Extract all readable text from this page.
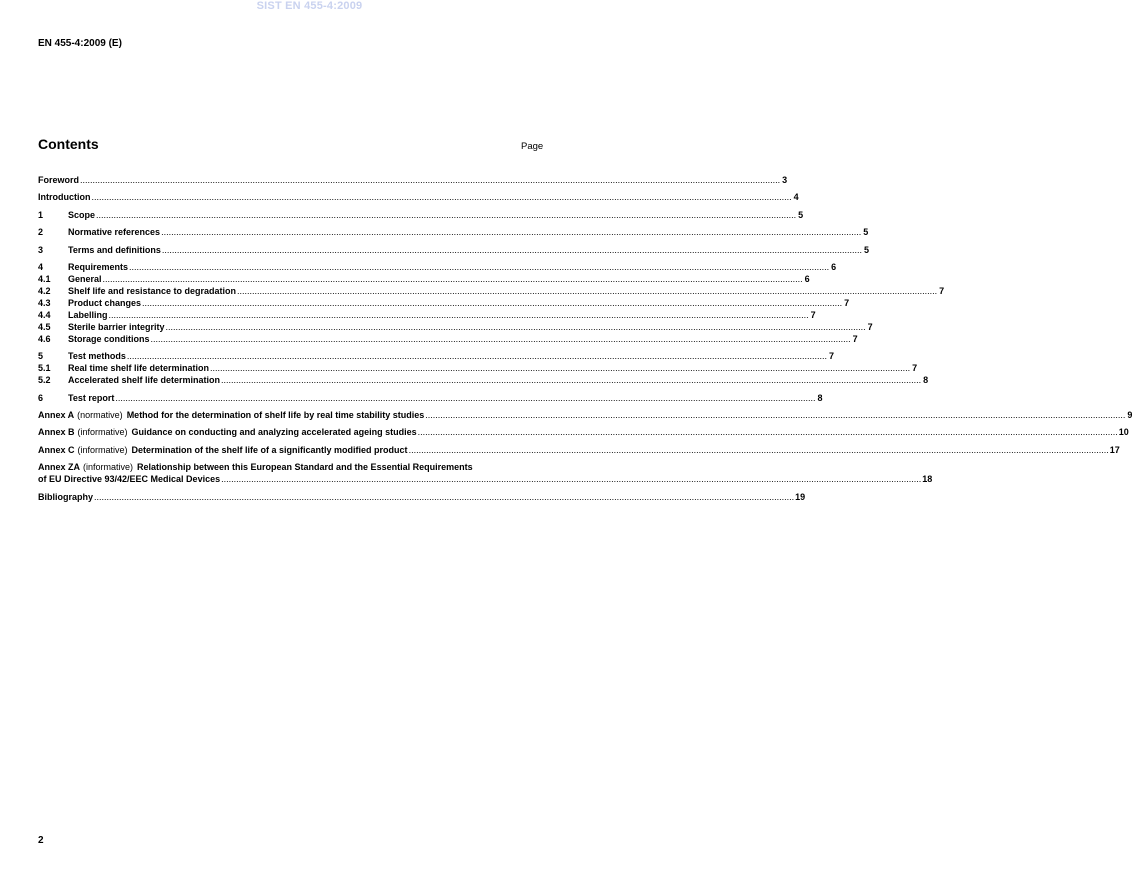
SIST EN 455-4:2009
EN 455-4:2009 (E)
Contents	Page
Foreword .....	3
Introduction .....	4
1	Scope .....	5
2	Normative references .....	5
3	Terms and definitions .....	5
4	Requirements .....	6
4.1	General .....	6
4.2	Shelf life and resistance to degradation .....	7
4.3	Product changes .....	7
4.4	Labelling .....	7
4.5	Sterile barrier integrity .....	7
4.6	Storage conditions .....	7
5	Test methods .....	7
5.1	Real time shelf life determination .....	7
5.2	Accelerated shelf life determination .....	8
6	Test report .....	8
Annex A (normative) Method for the determination of shelf life by real time stability studies .....	9
Annex B (informative) Guidance on conducting and analyzing accelerated ageing studies .....	10
Annex C (informative) Determination of the shelf life of a significantly modified product .....	17
Annex ZA (informative) Relationship between this European Standard and the Essential Requirements
of EU Directive 93/42/EEC Medical Devices .....	18
Bibliography .....	19
2
